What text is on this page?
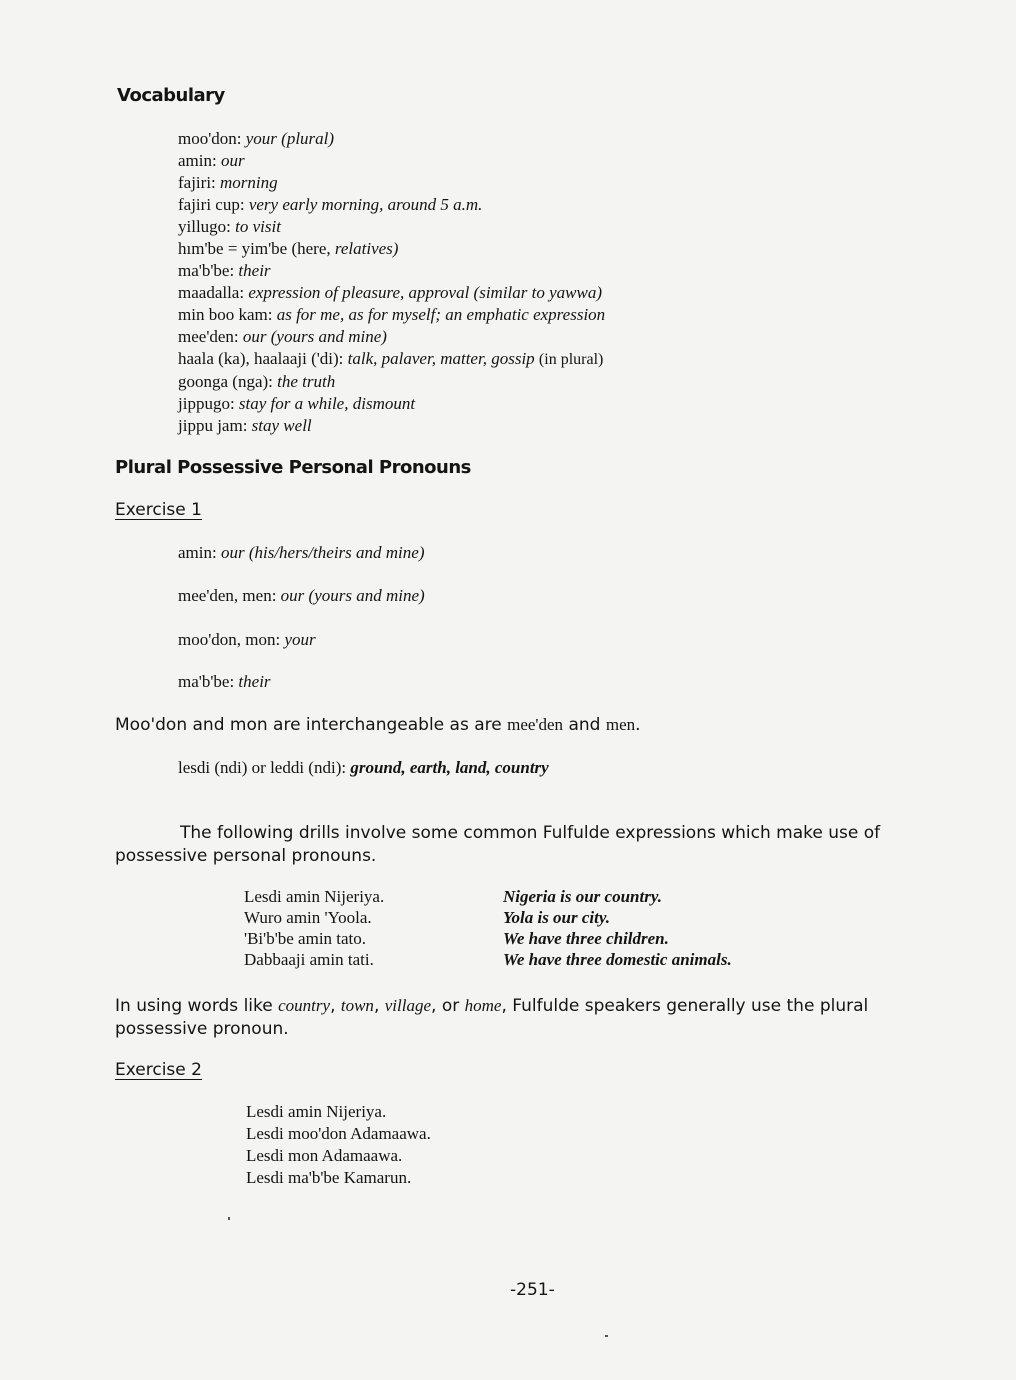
Vocabulary
moo'don: your (plural)
amin: our
fajiri: morning
fajiri cup: very early morning, around 5 a.m.
yillugo: to visit
hım'be = yim'be (here, relatives)
ma'b'be: their
maadalla: expression of pleasure, approval (similar to yawwa)
min boo kam: as for me, as for myself; an emphatic expression
mee'den: our (yours and mine)
haala (ka), haalaaji ('di): talk, palaver, matter, gossip (in plural)
goonga (nga): the truth
jippugo: stay for a while, dismount
jippu jam: stay well
Plural Possessive Personal Pronouns
Exercise 1
amin: our (his/hers/theirs and mine)
mee'den, men: our (yours and mine)
moo'don, mon: your
ma'b'be: their
Moo'don and mon are interchangeable as are mee'den and men.
lesdi (ndi) or leddi (ndi): ground, earth, land, country
The following drills involve some common Fulfulde expressions which make use of possessive personal pronouns.
Lesdi amin Nijeriya.
Wuro amin 'Yoola.
'Bi'b'be amin tato.
Dabbaaji amin tati.
Nigeria is our country.
Yola is our city.
We have three children.
We have three domestic animals.
In using words like country, town, village, or home, Fulfulde speakers generally use the plural possessive pronoun.
Exercise 2
Lesdi amin Nijeriya.
Lesdi moo'don Adamaawa.
Lesdi mon Adamaawa.
Lesdi ma'b'be Kamarun.
-251-
